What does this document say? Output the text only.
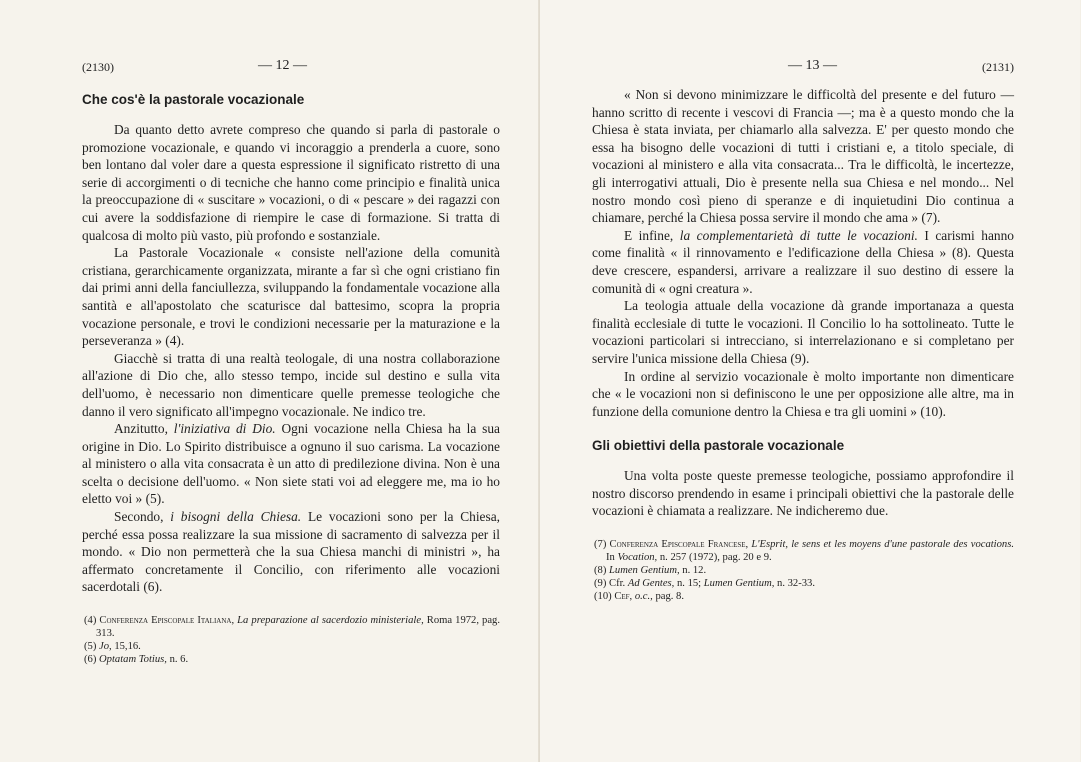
(2130)	— 12 —
Che cos'è la pastorale vocazionale

Da quanto detto avrete compreso che quando si parla di pastorale o promozione vocazionale, e quando vi incoraggio a prenderla a cuore, sono ben lontano dal voler dare a questa espressione il significato ristretto di una serie di accorgimenti o di tecniche che hanno come principio e finalità unica la preoccupazione di « suscitare » vocazioni, o di « pescare » dei ragazzi con cui avere la soddisfazione di riempire le case di formazione. Si tratta di qualcosa di molto più vasto, più profondo e sostanziale.

La Pastorale Vocazionale « consiste nell'azione della comunità cristiana, gerarchicamente organizzata, mirante a far sì che ogni cristiano fin dai primi anni della fanciullezza, sviluppando la fondamentale vocazione alla santità e all'apostolato che scaturisce dal battesimo, scopra la propria vocazione personale, e trovi le condizioni necessarie per la maturazione e la perseveranza » (4).

Giacchè si tratta di una realtà teologale, di una nostra collaborazione all'azione di Dio che, allo stesso tempo, incide sul destino e sulla vita dell'uomo, è necessario non dimenticare quelle premesse teologiche che danno il vero significato all'impegno vocazionale. Ne indico tre.

Anzitutto, l'iniziativa di Dio. Ogni vocazione nella Chiesa ha la sua origine in Dio. Lo Spirito distribuisce a ognuno il suo carisma. La vocazione al ministero o alla vita consacrata è un atto di predilezione divina. Non è una scelta o decisione dell'uomo. « Non siete stati voi ad eleggere me, ma io ho eletto voi » (5).

Secondo, i bisogni della Chiesa. Le vocazioni sono per la Chiesa, perché essa possa realizzare la sua missione di sacramento di salvezza per il mondo. « Dio non permetterà che la sua Chiesa manchi di ministri », ha affermato concretamente il Concilio, con riferimento alle vocazioni sacerdotali (6).

(4) Conferenza Episcopale Italiana, La preparazione al sacerdozio ministeriale, Roma 1972, pag. 313.
(5) Jo, 15,16.
(6) Optatam Totius, n. 6.
— 13 —	(2131)

« Non si devono minimizzare le difficoltà del presente e del futuro — hanno scritto di recente i vescovi di Francia —; ma è a questo mondo che la Chiesa è stata inviata, per chiamarlo alla salvezza. E' per questo mondo che essa ha bisogno delle vocazioni di tutti i cristiani e, a titolo speciale, di vocazioni al ministero e alla vita consacrata... Tra le difficoltà, le incertezze, gli interrogativi attuali, Dio è presente nella sua Chiesa e nel mondo... Nel nostro mondo così pieno di speranze e di inquietudini Dio continua a chiamare, perché la Chiesa possa servire il mondo che ama » (7).

E infine, la complementarietà di tutte le vocazioni. I carismi hanno come finalità « il rinnovamento e l'edificazione della Chiesa » (8). Questa deve crescere, espandersi, arrivare a realizzare il suo destino di essere la comunità di « ogni creatura ».

La teologia attuale della vocazione dà grande importanaza a questa finalità ecclesiale di tutte le vocazioni. Il Concilio lo ha sottolineato. Tutte le vocazioni particolari si intrecciano, si interrelazionano e si completano per servire l'unica missione della Chiesa (9).

In ordine al servizio vocazionale è molto importante non dimenticare che « le vocazioni non si definiscono le une per opposizione alle altre, ma in funzione della comunione dentro la Chiesa e tra gli uomini » (10).

Gli obiettivi della pastorale vocazionale

Una volta poste queste premesse teologiche, possiamo approfondire il nostro discorso prendendo in esame i principali obiettivi che la pastorale delle vocazioni è chiamata a realizzare. Ne indicheremo due.

(7) Conferenza Episcopale Francese, L'Esprit, le sens et les moyens d'une pastorale des vocations. In Vocation, n. 257 (1972), pag. 20 e 9.
(8) Lumen Gentium, n. 12.
(9) Cfr. Ad Gentes, n. 15; Lumen Gentium, n. 32-33.
(10) Cef, o.c., pag. 8.
